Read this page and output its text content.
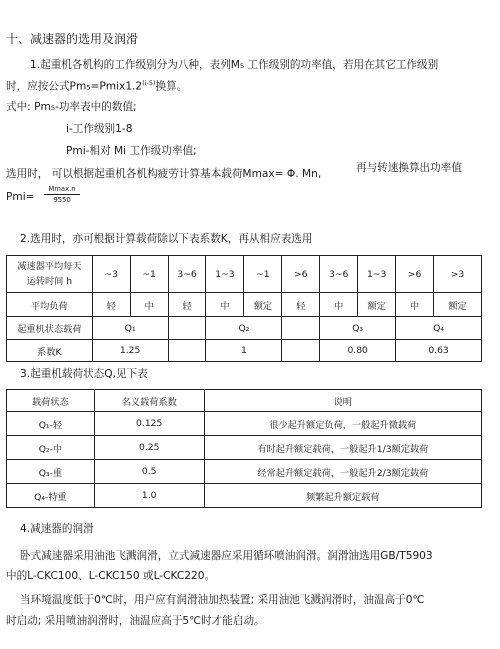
十、减速器的选用及润滑
1.起重机各机构的工作级别分为八种，表列M₅ 工作级别的功率值，若用在其它工作级别
时，应按公式$Pm_5=Pmix1.2^{(i-5)}$换算。
式中: Pm₅-功率表中的数值;
i-工作级别1-8
Pmi-相对 Mi 工作级功率值;
选用时， 可以根据起重机各机构疲劳计算基本载荷Mmax= Φ. Mn,	再与转速换算出功率值
Pmi=
Mmax.n
9550
2.选用时，亦可根据计算载荷除以下表系数K，再从相应表选用
减速器平均每天
运转时间 h	~3	~1	3~6	1~3	~1	>6	3~6	1~3	>6	>3
平均负荷	轻	中	轻	中	额定	轻	中	额定	中	额定
起重机状态载荷	Q₁			Q₂			Q₃		Q₄	
系数K	1.25			1			0.80		0.63	
3.起重机载荷状态Q,见下表
载荷状态	名义载荷系数	说明
Q₁-轻	0.125	很少起升额定负荷，一般起升微载荷
Q₂-中	0.25	有时起升额定载荷，一般起升1/3额定载荷
Q₃-重	0.5	经常起升额定载荷，一般起升2/3额定载荷
Q₄-特重	1.0	频繁起升额定载荷
4.减速器的润滑
卧式减速器采用油池飞溅润滑，立式减速器应采用循环喷油润滑。润滑油选用GB/T5903
中的L-CKC100、L-CKC150 或L-CKC220。
当环境温度低于0℃时，用户应有润滑油加热装置; 采用油池飞溅润滑时，油温高于0℃
时启动; 采用喷油润滑时，油温应高于5℃时才能启动。
